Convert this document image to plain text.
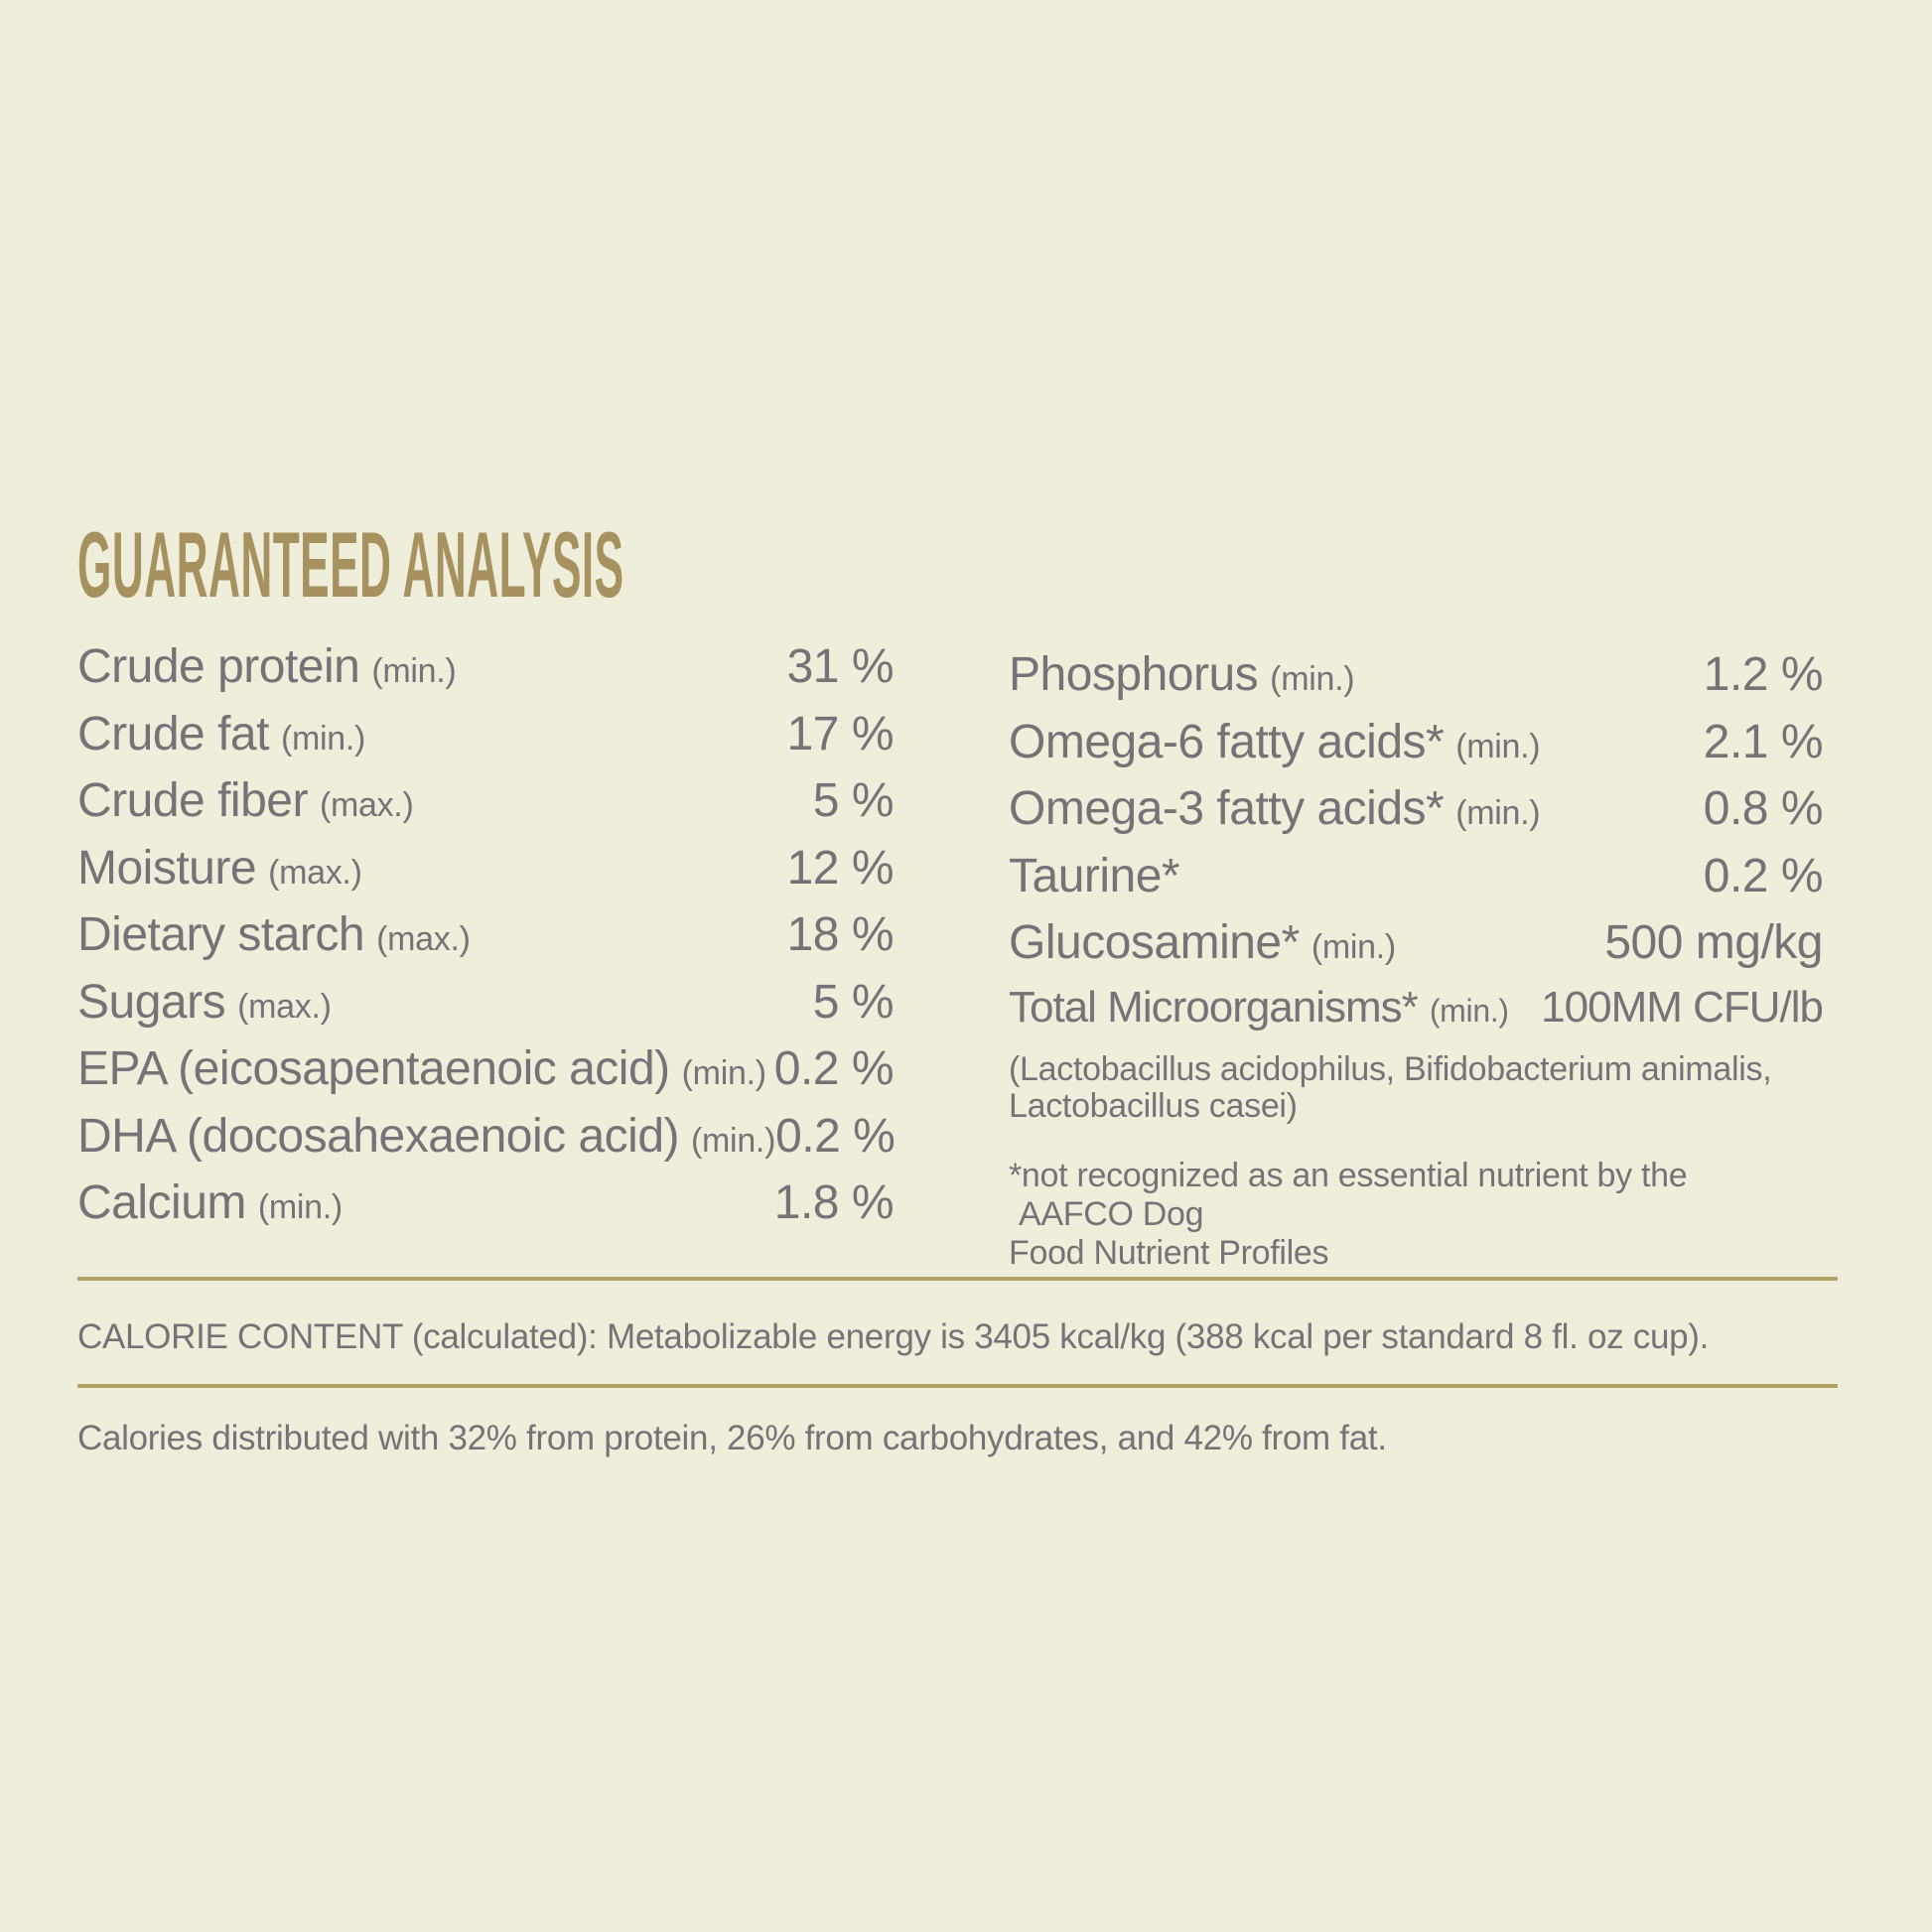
GUARANTEED ANALYSIS
Crude protein (min.)	31 %
Crude fat (min.)	17 %
Crude fiber (max.)	5 %
Moisture (max.)	12 %
Dietary starch (max.)	18 %
Sugars (max.)	5 %
EPA (eicosapentaenoic acid) (min.) 0.2 %
DHA (docosahexaenoic acid) (min.) 0.2 %
Calcium (min.)	1.8 %
Phosphorus (min.)	1.2 %
Omega-6 fatty acids* (min.)	2.1 %
Omega-3 fatty acids* (min.)	0.8 %
Taurine*	0.2 %
Glucosamine* (min.)	500 mg/kg
Total Microorganisms* (min.) 100MM CFU/lb
(Lactobacillus acidophilus, Bifidobacterium animalis,
Lactobacillus casei)
*not recognized as an essential nutrient by the AAFCO Dog
Food Nutrient Profiles

CALORIE CONTENT (calculated): Metabolizable energy is 3405 kcal/kg (388 kcal per standard 8 fl. oz cup).

Calories distributed with 32% from protein, 26% from carbohydrates, and 42% from fat.
